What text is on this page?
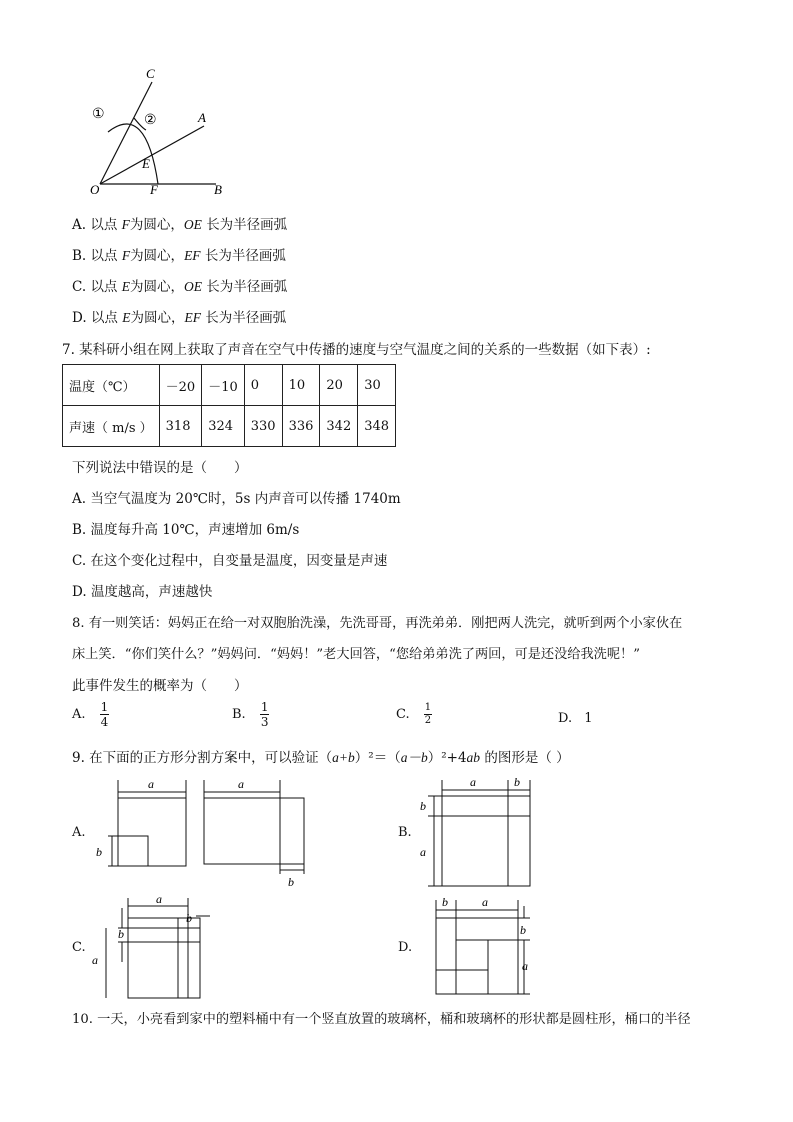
C
A
B
O
E
F
①	②
A. 以点 F为圆心，OE 长为半径画弧
B. 以点 F为圆心，EF 长为半径画弧
C. 以点 E为圆心，OE 长为半径画弧
D. 以点 E为圆心，EF 长为半径画弧
7. 某科研小组在网上获取了声音在空气中传播的速度与空气温度之间的关系的一些数据（如下表）:
温度（℃）	－20	－10	0	10	20	30
声速（ m/s ）	318	324	330	336	342	348
下列说法中错误的是（　　）
A. 当空气温度为 20℃时，5s 内声音可以传播 1740m
B. 温度每升高 10℃，声速增加 6m/s
C. 在这个变化过程中，自变量是温度，因变量是声速
D. 温度越高，声速越快
8. 有一则笑话：妈妈正在给一对双胞胎洗澡，先洗哥哥，再洗弟弟．刚把两人洗完，就听到两个小家伙在
床上笑．“你们笑什么？”妈妈问．“妈妈！”老大回答，“您给弟弟洗了两回，可是还没给我洗呢！”
此事件发生的概率为（　　）
A. $\frac{1}{4}$	B. $\frac{1}{3}$	C. $\frac{1}{2}$	D. 1
9. 在下面的正方形分割方案中，可以验证（a+b）²＝（a－b）²+4ab 的图形是（ ）
A.
a
b
a
b
B.
a	b
b
a
C.
a
b
b
a
D.
b	a
b
a
10. 一天，小亮看到家中的塑料桶中有一个竖直放置的玻璃杯，桶和玻璃杯的形状都是圆柱形，桶口的半径
